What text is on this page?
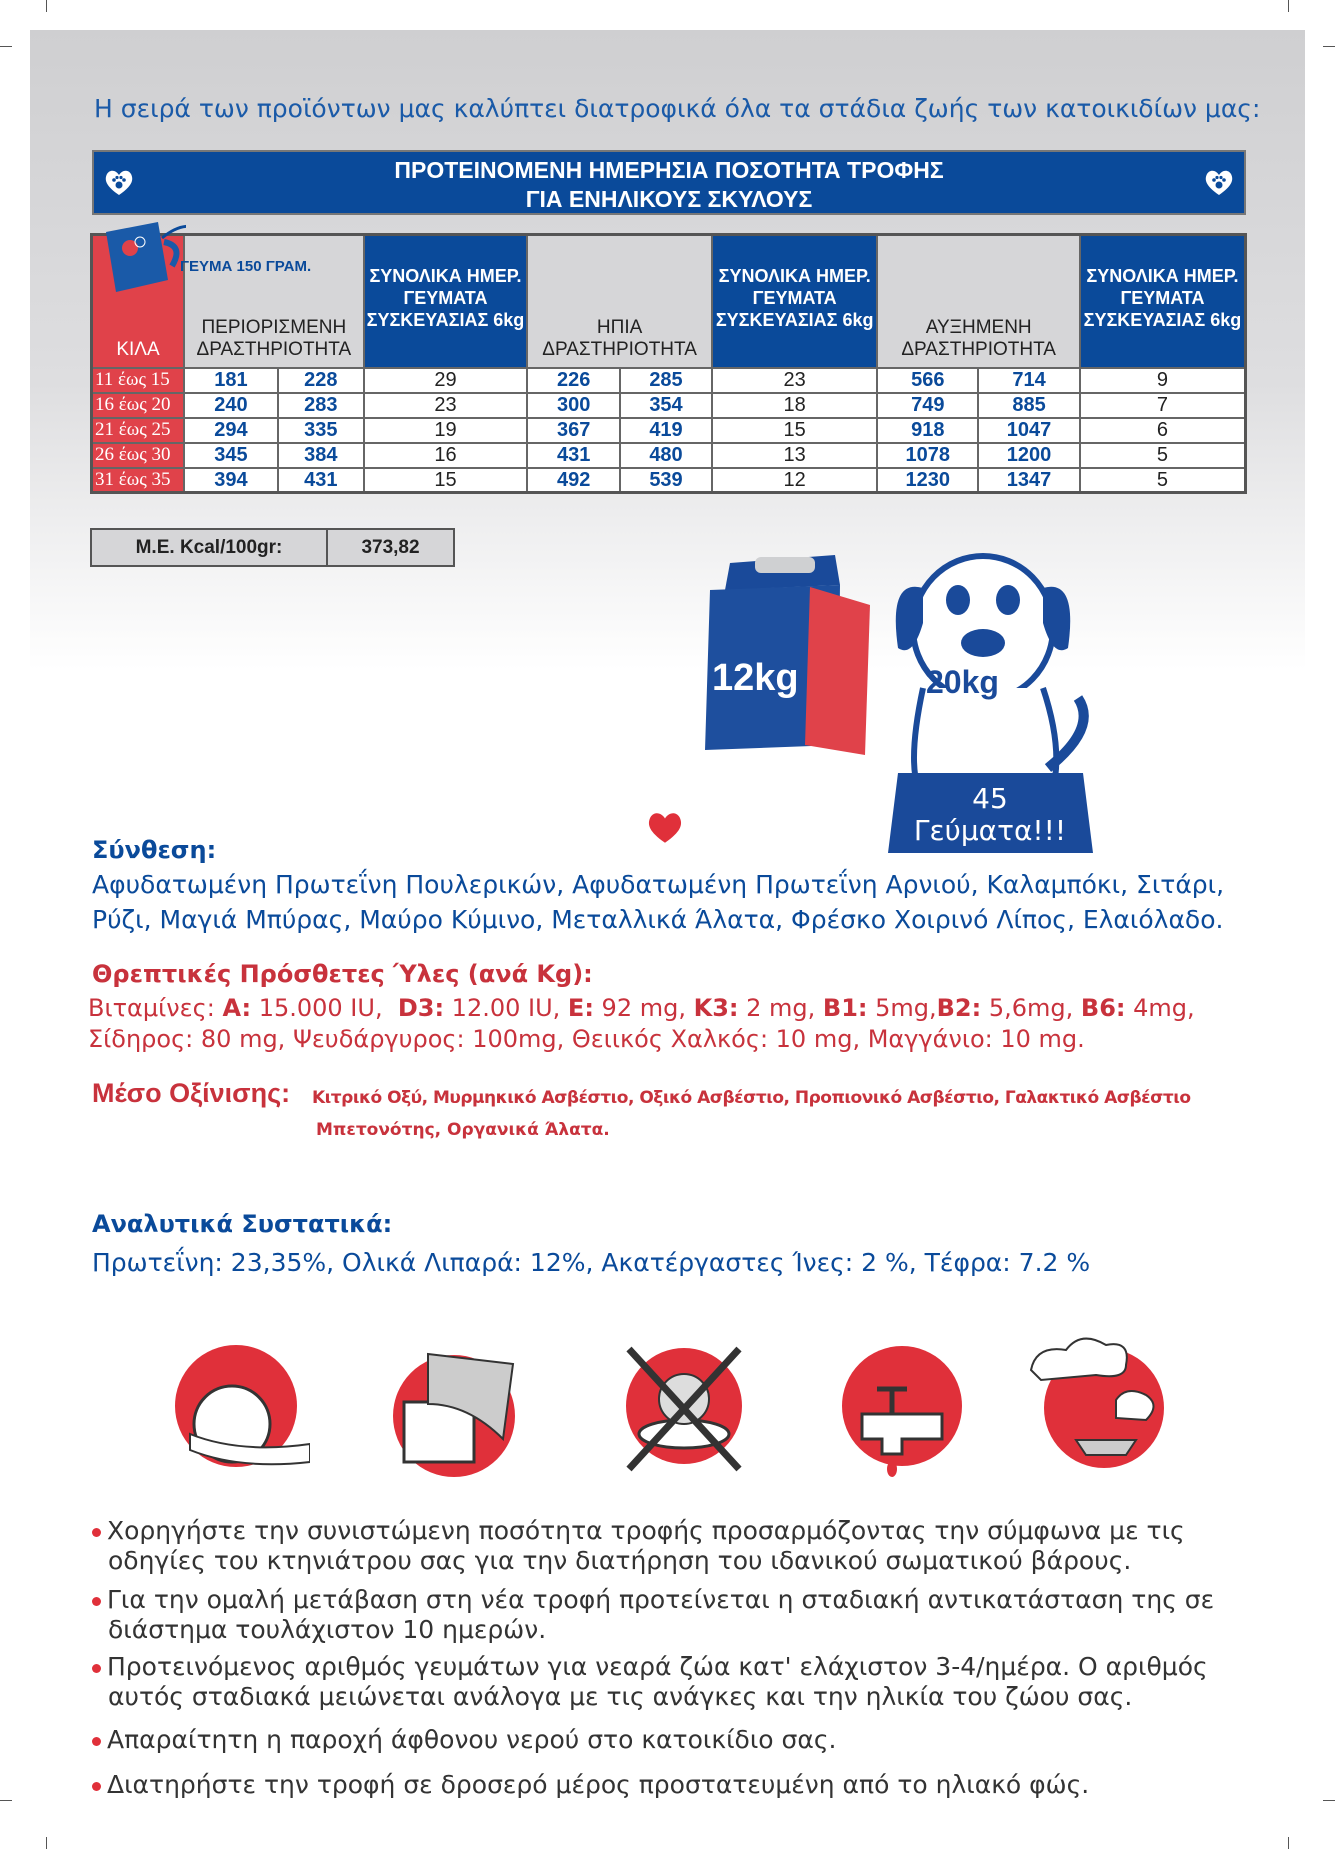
Η σειρά των προϊόντων μας καλύπτει διατροφικά όλα τα στάδια ζωής των κατοικιδίων μας:
ΠΡΟΤΕΙΝΟΜΕΝΗ ΗΜΕΡΗΣΙΑ ΠΟΣΟΤΗΤΑ ΤΡΟΦΗΣ
ΓΙΑ ΕΝΗΛΙΚΟΥΣ ΣΚΥΛΟΥΣ
ΚΙΛΑ	ΠΕΡΙΟΡΙΣΜΕΝΗ ΔΡΑΣΤΗΡΙΟΤΗΤΑ		ΣΥΝΟΛΙΚΑ ΗΜΕΡ. ΓΕΥΜΑΤΑ ΣΥΣΚΕΥΑΣΙΑΣ 6kg	ΗΠΙΑ ΔΡΑΣΤΗΡΙΟΤΗΤΑ		ΣΥΝΟΛΙΚΑ ΗΜΕΡ. ΓΕΥΜΑΤΑ ΣΥΣΚΕΥΑΣΙΑΣ 6kg	ΑΥΞΗΜΕΝΗ ΔΡΑΣΤΗΡΙΟΤΗΤΑ		ΣΥΝΟΛΙΚΑ ΗΜΕΡ. ΓΕΥΜΑΤΑ ΣΥΣΚΕΥΑΣΙΑΣ 6kg
11 έως 15	181	228	29	226	285	23	566	714	9
16 έως 20	240	283	23	300	354	18	749	885	7
21 έως 25	294	335	19	367	419	15	918	1047	6
26 έως 30	345	384	16	431	480	13	1078	1200	5
31 έως 35	394	431	15	492	539	12	1230	1347	5
ΓΕΥΜΑ 150 ΓΡΑΜ.
M.E. Kcal/100gr:	373,82
12kg	20kg
45
Γεύματα!!!
Σύνθεση:
Αφυδατωμένη Πρωτεΐνη Πουλερικών, Αφυδατωμένη Πρωτεΐνη Αρνιού, Καλαμπόκι, Σιτάρι,
Ρύζι, Μαγιά Μπύρας, Μαύρο Κύμινο, Μεταλλικά Άλατα, Φρέσκο Χοιρινό Λίπος, Ελαιόλαδο.
Θρεπτικές Πρόσθετες Ύλες (ανά Kg):
Βιταμίνες: A: 15.000 IU,  D3: 12.00 IU, E: 92 mg, K3: 2 mg, B1: 5mg,B2: 5,6mg, B6: 4mg,
Σίδηρος: 80 mg, Ψευδάργυρος: 100mg, Θειικός Χαλκός: 10 mg, Μαγγάνιο: 10 mg.
Μέσο Οξίνισης: Κιτρικό Οξύ, Μυρμηκικό Ασβέστιο, Οξικό Ασβέστιο, Προπιονικό Ασβέστιο, Γαλακτικό Ασβέστιο
Μπετονότης, Οργανικά Άλατα.
Αναλυτικά Συστατικά:
Πρωτεΐνη: 23,35%, Ολικά Λιπαρά: 12%, Ακατέργαστες Ίνες: 2 %, Τέφρα: 7.2 %
Χορηγήστε την συνιστώμενη ποσότητα τροφής προσαρμόζοντας την σύμφωνα με τις
οδηγίες του κτηνιάτρου σας για την διατήρηση του ιδανικού σωματικού βάρους.
Για την ομαλή μετάβαση στη νέα τροφή προτείνεται η σταδιακή αντικατάσταση της σε
διάστημα τουλάχιστον 10 ημερών.
Προτεινόμενος αριθμός γευμάτων για νεαρά ζώα κατ' ελάχιστον 3-4/ημέρα. Ο αριθμός
αυτός σταδιακά μειώνεται ανάλογα με τις ανάγκες και την ηλικία του ζώου σας.
Απαραίτητη η παροχή άφθονου νερού στο κατοικίδιο σας.
Διατηρήστε την τροφή σε δροσερό μέρος προστατευμένη από το ηλιακό φώς.
